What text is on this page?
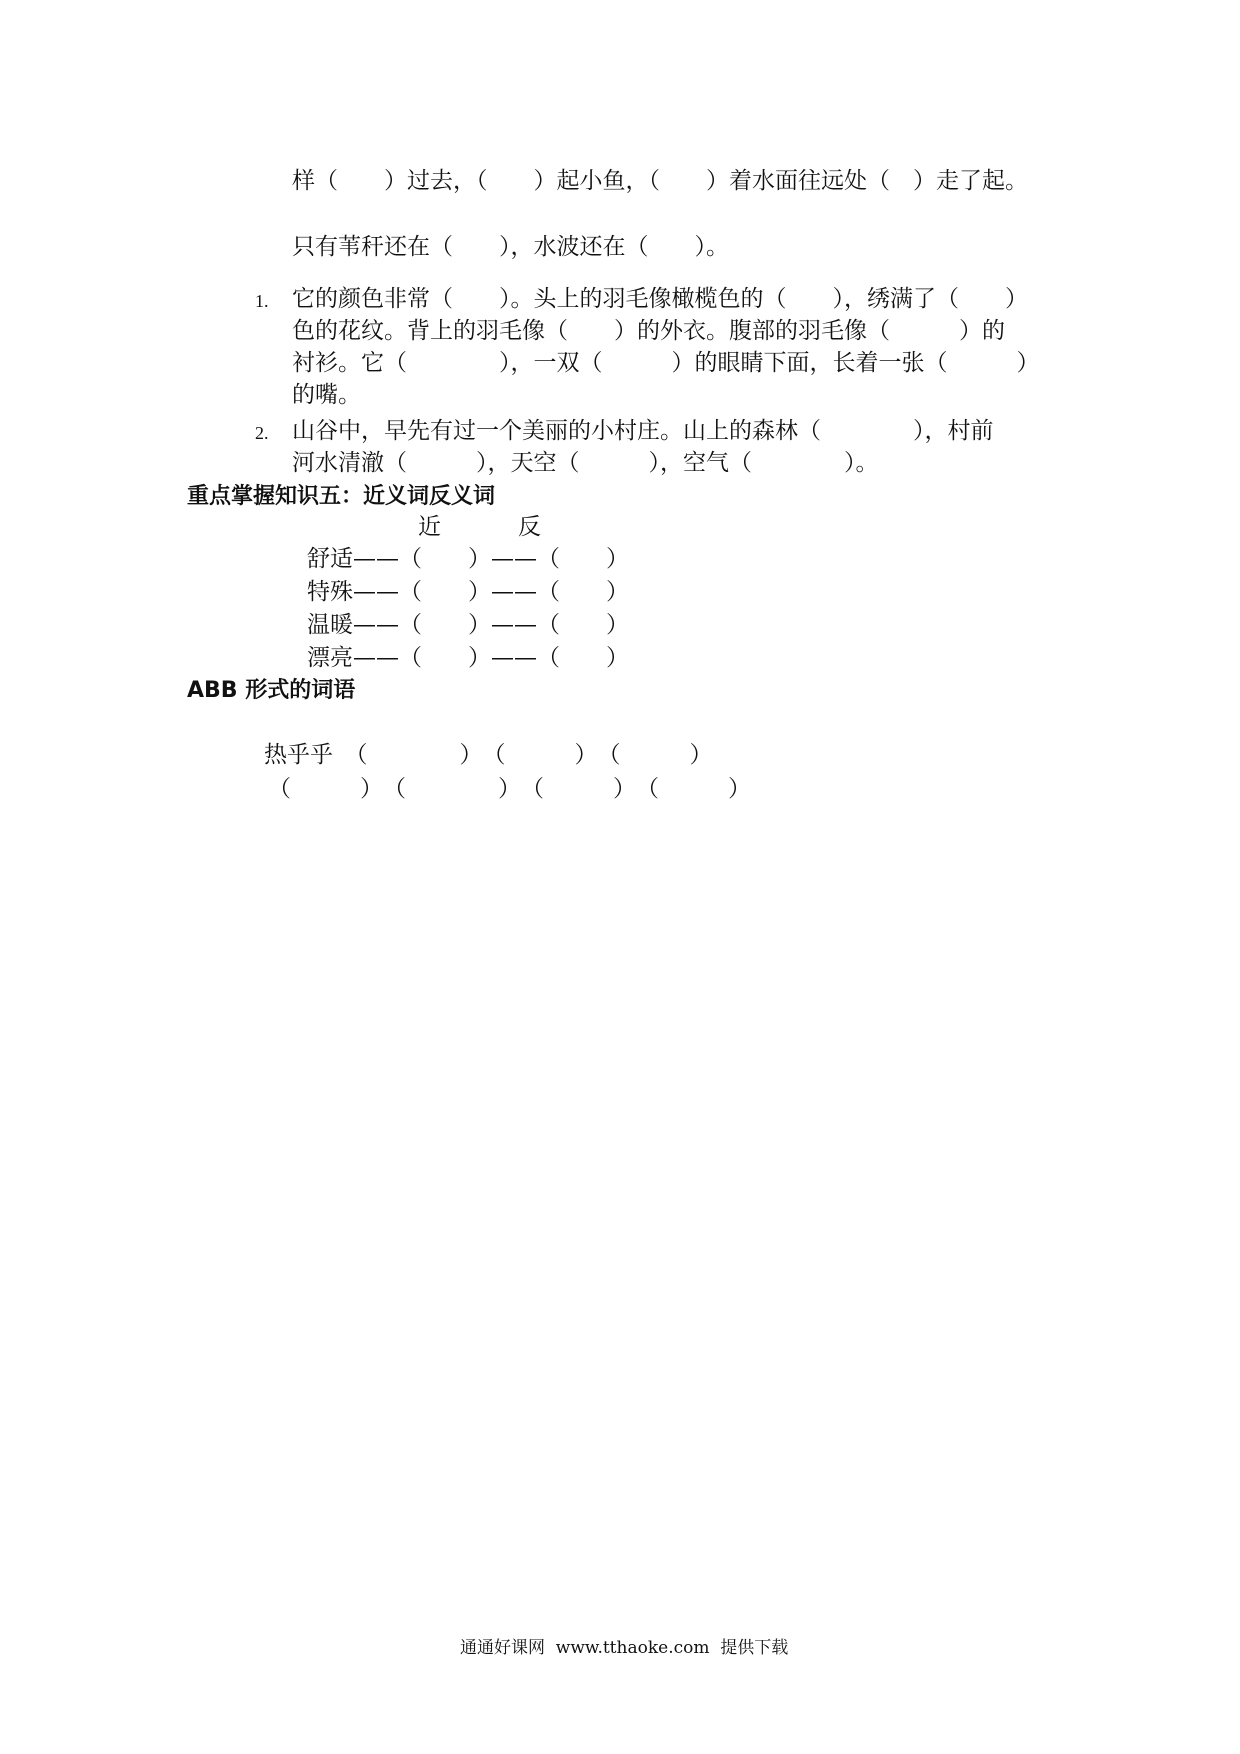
样（　　）过去，（　　）起小鱼，（　　）着水面往远处（　）走了起。
只有苇秆还在（　　），水波还在（　　）。
1. 它的颜色非常（　　）。头上的羽毛像橄榄色的（　　），绣满了（　　）
色的花纹。背上的羽毛像（　　）的外衣。腹部的羽毛像（　　　）的
衬衫。它（　　　　），一双（　　　）的眼睛下面，长着一张（　　　）
的嘴。
2. 山谷中，早先有过一个美丽的小村庄。山上的森林（　　　　），村前
河水清澈（　　　），天空（　　　），空气（　　　　）。
重点掌握知识五：近义词反义词
近	反
舒适——（　　）——（　　）
特殊——（　　）——（　　）
温暖——（　　）——（　　）
漂亮——（　　）——（　　）
ABB 形式的词语
热乎乎　（　　　　）　（　　　）　（　　　）
（　　　）　（　　　　）　（　　　）　（　　　）
通通好课网  www.tthaoke.com  提供下载
